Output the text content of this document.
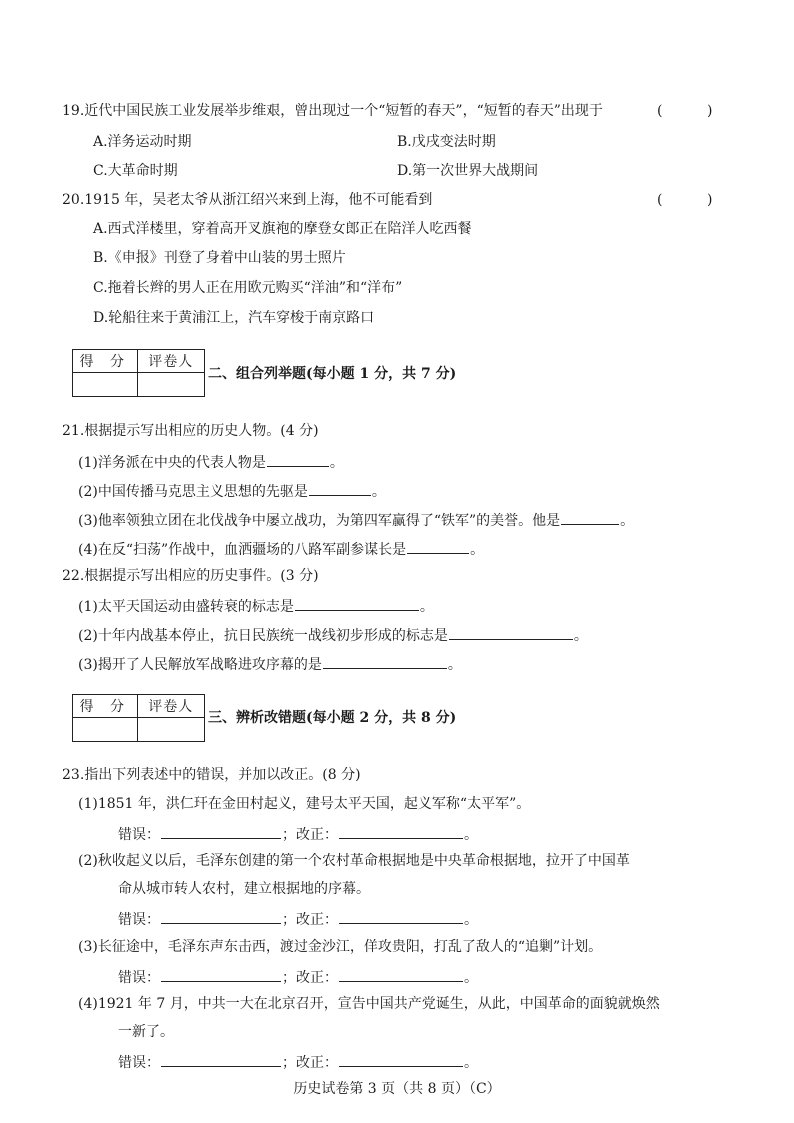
19.近代中国民族工业发展举步维艰，曾出现过一个“短暂的春天”，“短暂的春天”出现于	(          )
A.洋务运动时期	B.戊戌变法时期
C.大革命时期	D.第一次世界大战期间
20.1915 年，吴老太爷从浙江绍兴来到上海，他不可能看到	(          )
A.西式洋楼里，穿着高开叉旗袍的摩登女郎正在陪洋人吃西餐
B.《申报》刊登了身着中山装的男士照片
C.拖着长辫的男人正在用欧元购买“洋油”和“洋布”
D.轮船往来于黄浦江上，汽车穿梭于南京路口
得 分	评卷人

二、组合列举题(每小题 1 分，共 7 分)
21.根据提示写出相应的历史人物。(4 分)
(1)洋务派在中央的代表人物是	。
(2)中国传播马克思主义思想的先驱是	。
(3)他率领独立团在北伐战争中屡立战功，为第四军赢得了“铁军”的美誉。他是	。
(4)在反“扫荡”作战中，血洒疆场的八路军副参谋长是	。
22.根据提示写出相应的历史事件。(3 分)
(1)太平天国运动由盛转衰的标志是	。
(2)十年内战基本停止，抗日民族统一战线初步形成的标志是	。
(3)揭开了人民解放军战略进攻序幕的是	。
得 分	评卷人

三、辨析改错题(每小题 2 分，共 8 分)
23.指出下列表述中的错误，并加以改正。(8 分)
(1)1851 年，洪仁玕在金田村起义，建号太平天国，起义军称“太平军”。
错误：	；改正：	。
(2)秋收起义以后，毛泽东创建的第一个农村革命根据地是中央革命根据地，拉开了中国革
命从城市转人农村，建立根据地的序幕。
错误：	；改正：	。
(3)长征途中，毛泽东声东击西，渡过金沙江，佯攻贵阳，打乱了敌人的“追剿”计划。
错误：	；改正：	。
(4)1921 年 7 月，中共一大在北京召开，宣告中国共产党诞生，从此，中国革命的面貌就焕然
一新了。
错误：	；改正：	。
历史试卷第 3 页（共 8 页）（C）
